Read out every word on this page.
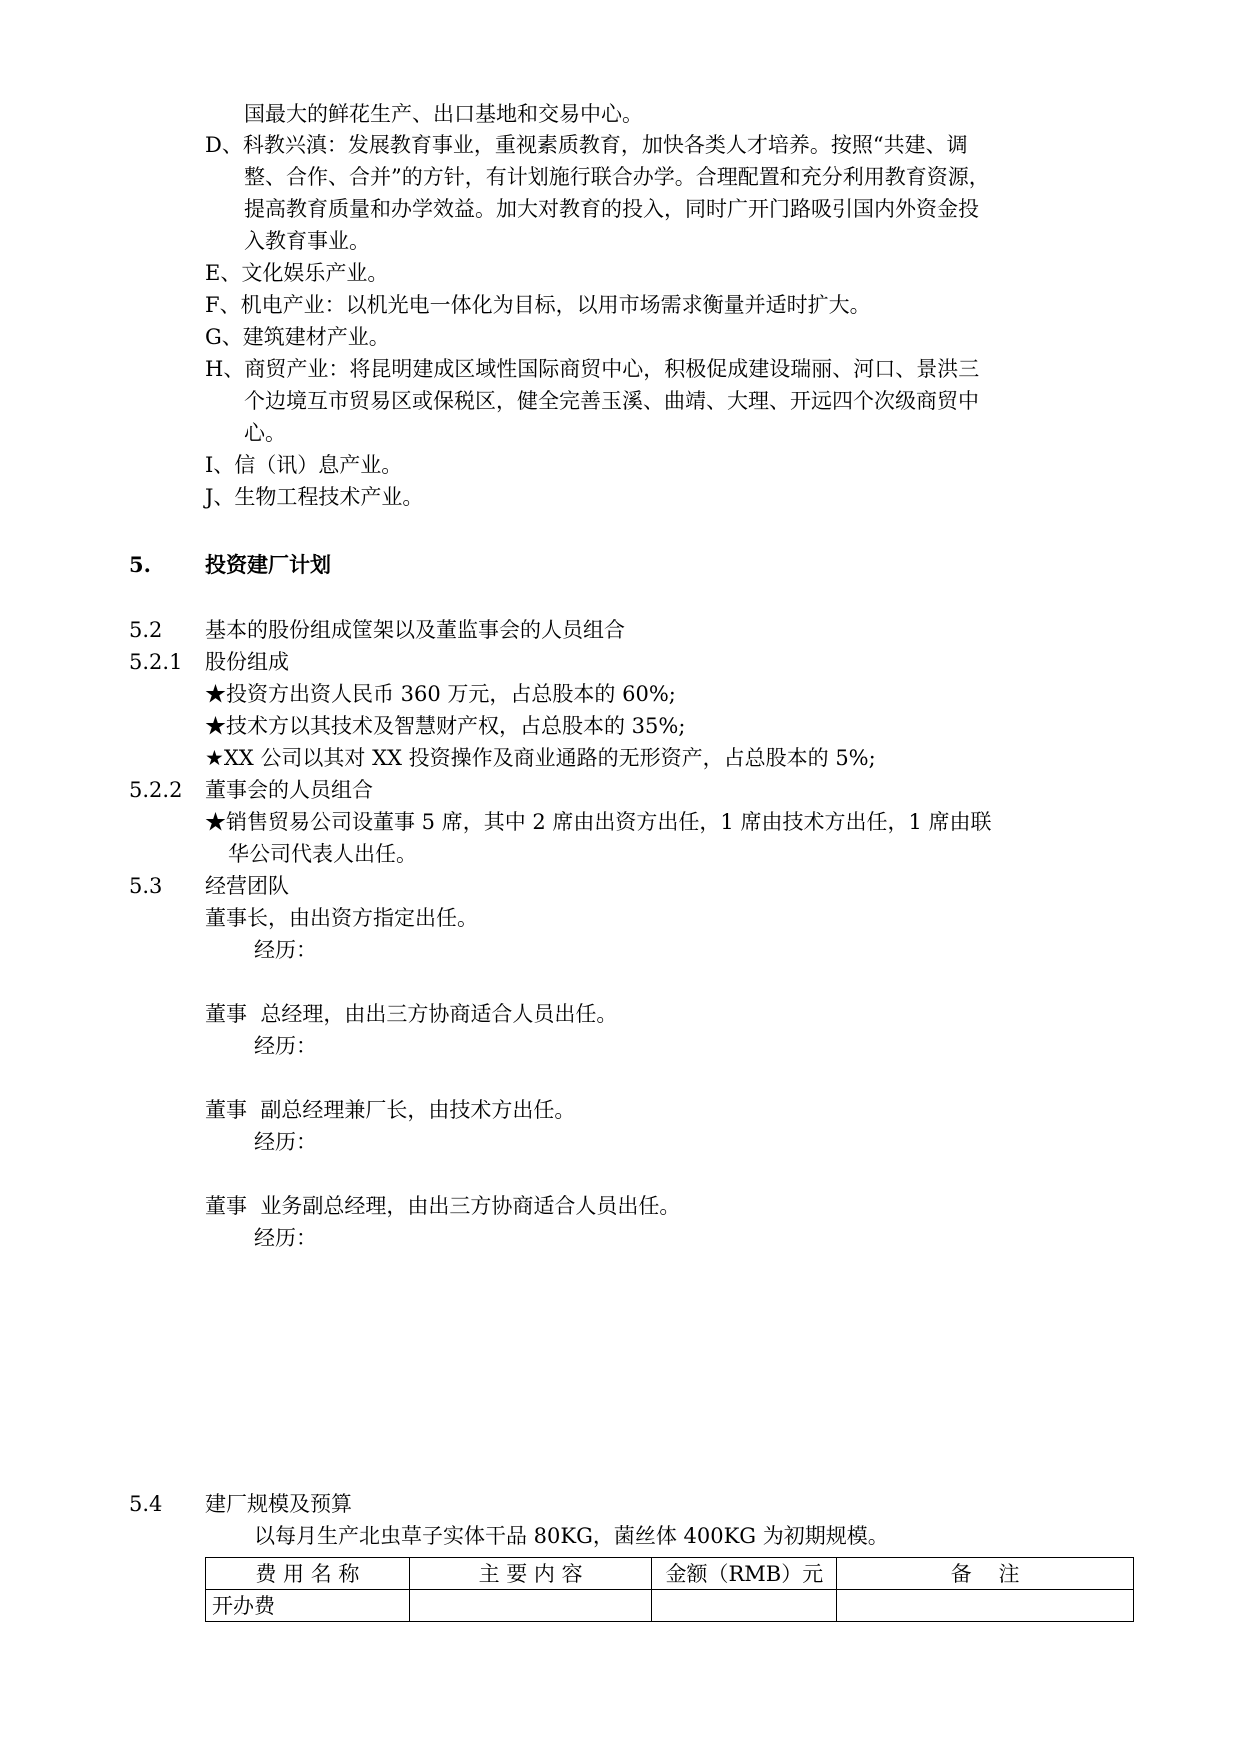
国最大的鲜花生产、出口基地和交易中心。
D、科教兴滇：发展教育事业，重视素质教育，加快各类人才培养。按照“共建、调
整、合作、合并”的方针，有计划施行联合办学。合理配置和充分利用教育资源，
提高教育质量和办学效益。加大对教育的投入，同时广开门路吸引国内外资金投
入教育事业。
E、文化娱乐产业。
F、机电产业：以机光电一体化为目标，以用市场需求衡量并适时扩大。
G、建筑建材产业。
H、商贸产业：将昆明建成区域性国际商贸中心，积极促成建设瑞丽、河口、景洪三
个边境互市贸易区或保税区，健全完善玉溪、曲靖、大理、开远四个次级商贸中
心。
I、信（讯）息产业。
J、生物工程技术产业。
5.	投资建厂计划
5.2 基本的股份组成筐架以及董监事会的人员组合
5.2.1 股份组成
★投资方出资人民币 360 万元，占总股本的 60%;
★技术方以其技术及智慧财产权，占总股本的 35%;
★XX 公司以其对 XX 投资操作及商业通路的无形资产，占总股本的 5%;
5.2.2 董事会的人员组合
★销售贸易公司设董事 5 席，其中 2 席由出资方出任，1 席由技术方出任，1 席由联
华公司代表人出任。
5.3 经营团队
董事长，由出资方指定出任。
经历：
董事  总经理，由出三方协商适合人员出任。
经历：
董事  副总经理兼厂长，由技术方出任。
经历：
董事  业务副总经理，由出三方协商适合人员出任。
经历：
5.4 建厂规模及预算
以每月生产北虫草子实体干品 80KG，菌丝体 400KG 为初期规模。
费 用 名 称	主 要 内 容	金额（RMB）元	备    注
开办费			
